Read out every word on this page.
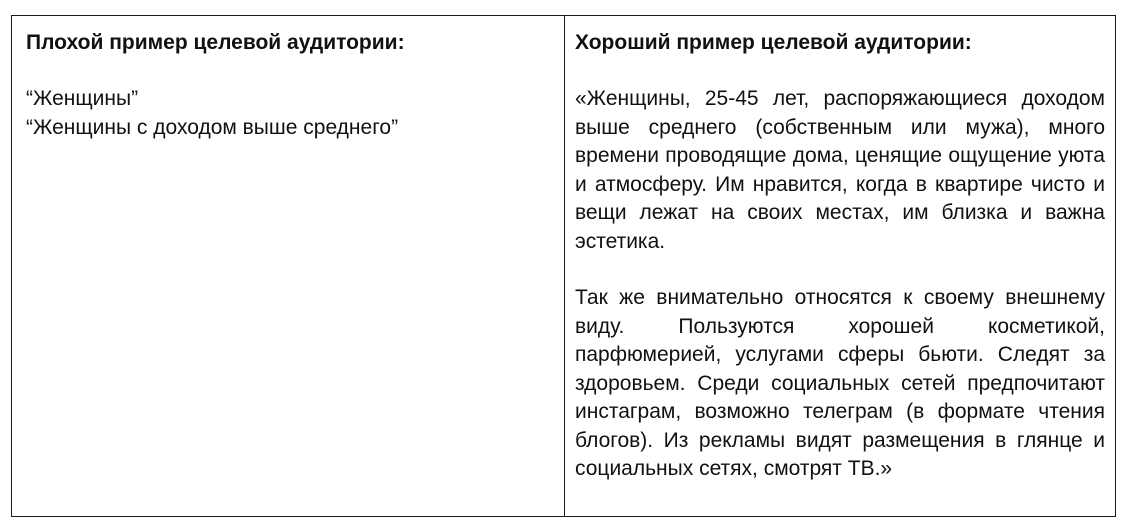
Плохой пример целевой аудитории:

“Женщины”

“Женщины с доходом выше среднего”

Хороший пример целевой аудитории:

«Женщины, 25-45 лет, распоряжающиеся доходом выше среднего (собственным или мужа), много времени проводящие дома, ценящие ощущение уюта и атмосферу. Им нравится, когда в квартире чисто и вещи лежат на своих местах, им близка и важна эстетика.

Так же внимательно относятся к своему внешнему виду. Пользуются хорошей косметикой, парфюмерией, услугами сферы бьюти. Следят за здоровьем. Среди социальных сетей предпочитают инстаграм, возможно телеграм (в формате чтения блогов). Из рекламы видят размещения в глянце и социальных сетях, смотрят ТВ.»
